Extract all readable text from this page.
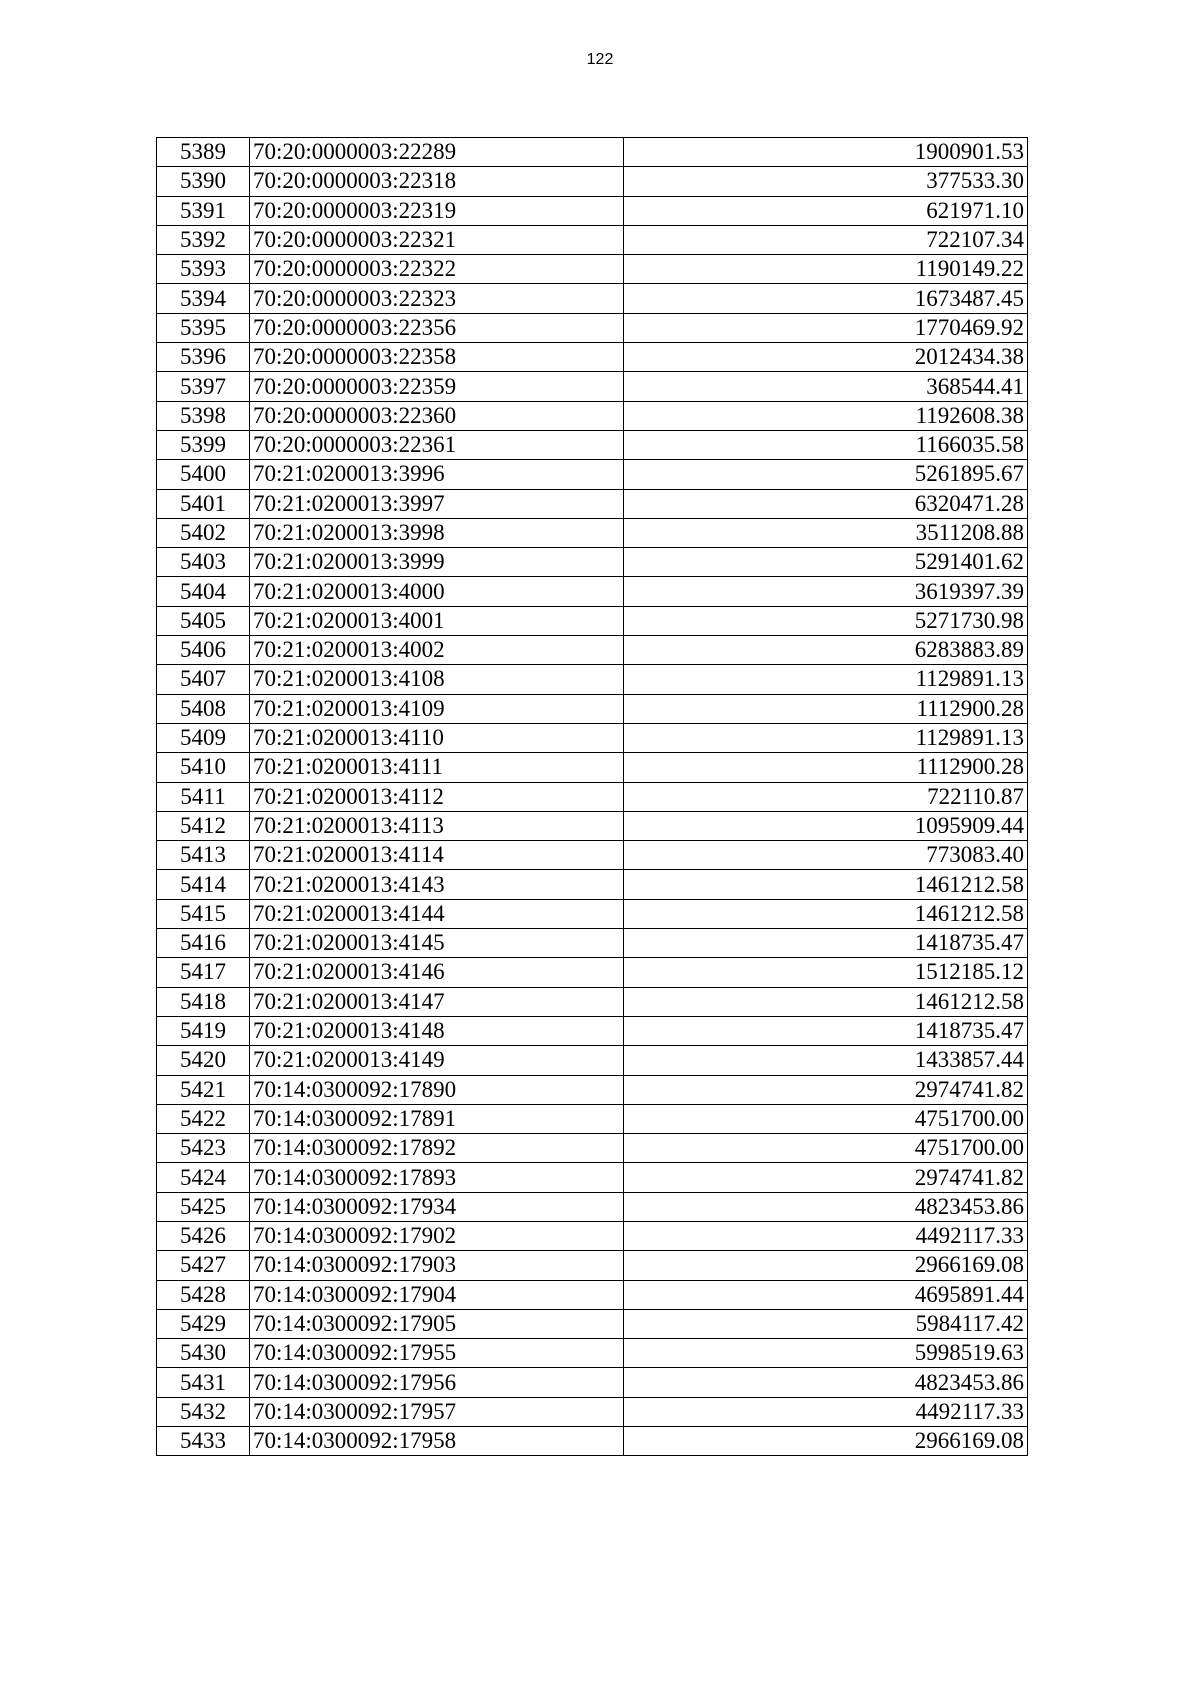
122
5389	70:20:0000003:22289	1900901.53
5390	70:20:0000003:22318	377533.30
5391	70:20:0000003:22319	621971.10
5392	70:20:0000003:22321	722107.34
5393	70:20:0000003:22322	1190149.22
5394	70:20:0000003:22323	1673487.45
5395	70:20:0000003:22356	1770469.92
5396	70:20:0000003:22358	2012434.38
5397	70:20:0000003:22359	368544.41
5398	70:20:0000003:22360	1192608.38
5399	70:20:0000003:22361	1166035.58
5400	70:21:0200013:3996	5261895.67
5401	70:21:0200013:3997	6320471.28
5402	70:21:0200013:3998	3511208.88
5403	70:21:0200013:3999	5291401.62
5404	70:21:0200013:4000	3619397.39
5405	70:21:0200013:4001	5271730.98
5406	70:21:0200013:4002	6283883.89
5407	70:21:0200013:4108	1129891.13
5408	70:21:0200013:4109	1112900.28
5409	70:21:0200013:4110	1129891.13
5410	70:21:0200013:4111	1112900.28
5411	70:21:0200013:4112	722110.87
5412	70:21:0200013:4113	1095909.44
5413	70:21:0200013:4114	773083.40
5414	70:21:0200013:4143	1461212.58
5415	70:21:0200013:4144	1461212.58
5416	70:21:0200013:4145	1418735.47
5417	70:21:0200013:4146	1512185.12
5418	70:21:0200013:4147	1461212.58
5419	70:21:0200013:4148	1418735.47
5420	70:21:0200013:4149	1433857.44
5421	70:14:0300092:17890	2974741.82
5422	70:14:0300092:17891	4751700.00
5423	70:14:0300092:17892	4751700.00
5424	70:14:0300092:17893	2974741.82
5425	70:14:0300092:17934	4823453.86
5426	70:14:0300092:17902	4492117.33
5427	70:14:0300092:17903	2966169.08
5428	70:14:0300092:17904	4695891.44
5429	70:14:0300092:17905	5984117.42
5430	70:14:0300092:17955	5998519.63
5431	70:14:0300092:17956	4823453.86
5432	70:14:0300092:17957	4492117.33
5433	70:14:0300092:17958	2966169.08
